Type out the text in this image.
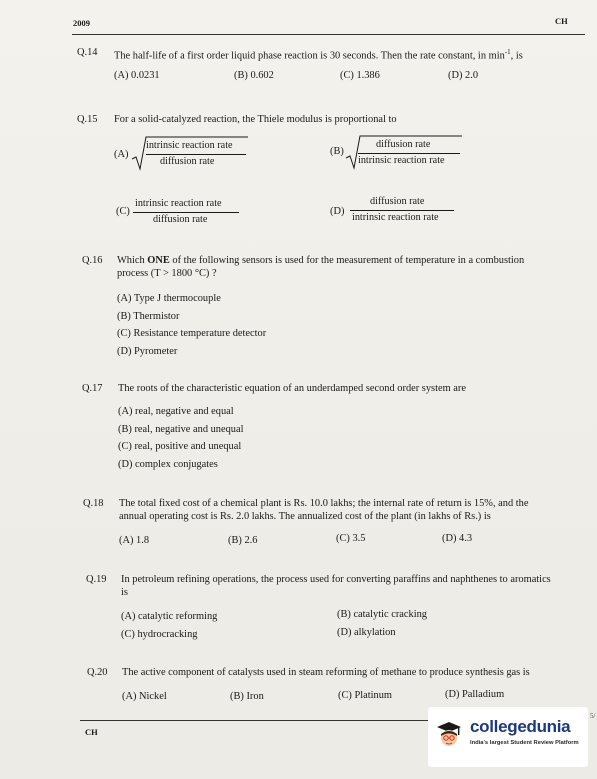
2009	CH
Q.14 The half-life of a first order liquid phase reaction is 30 seconds. Then the rate constant, in $\min^{-1}$, is
(A) 0.0231	(B) 0.602	(C) 1.386	(D) 2.0
Q.15 For a solid-catalyzed reaction, the Thiele modulus is proportional to
(A)
intrinsic reaction rate
diffusion rate
(B)
diffusion rate
intrinsic reaction rate
(C)
intrinsic reaction rate
diffusion rate
(D)
diffusion rate
intrinsic reaction rate
Q.16 Which ONE of the following sensors is used for the measurement of temperature in a combustion
process (T > 1800 °C) ?
(A) Type J thermocouple
(B) Thermistor
(C) Resistance temperature detector
(D) Pyrometer
Q.17 The roots of the characteristic equation of an underdamped second order system are
(A) real, negative and equal
(B) real, negative and unequal
(C) real, positive and unequal
(D) complex conjugates
Q.18 The total fixed cost of a chemical plant is Rs. 10.0 lakhs; the internal rate of return is 15%, and the
annual operating cost is Rs. 2.0 lakhs. The annualized cost of the plant (in lakhs of Rs.) is
(A) 1.8	(B) 2.6	(C) 3.5	(D) 4.3
Q.19 In petroleum refining operations, the process used for converting paraffins and naphthenes to aromatics
is
(A) catalytic reforming	(B) catalytic cracking
(C) hydrocracking	(D) alkylation
Q.20 The active component of catalysts used in steam reforming of methane to produce synthesis gas is
(A) Nickel	(B) Iron	(C) Platinum	(D) Palladium
CH	collegedunia
India's largest Student Review Platform
5/
